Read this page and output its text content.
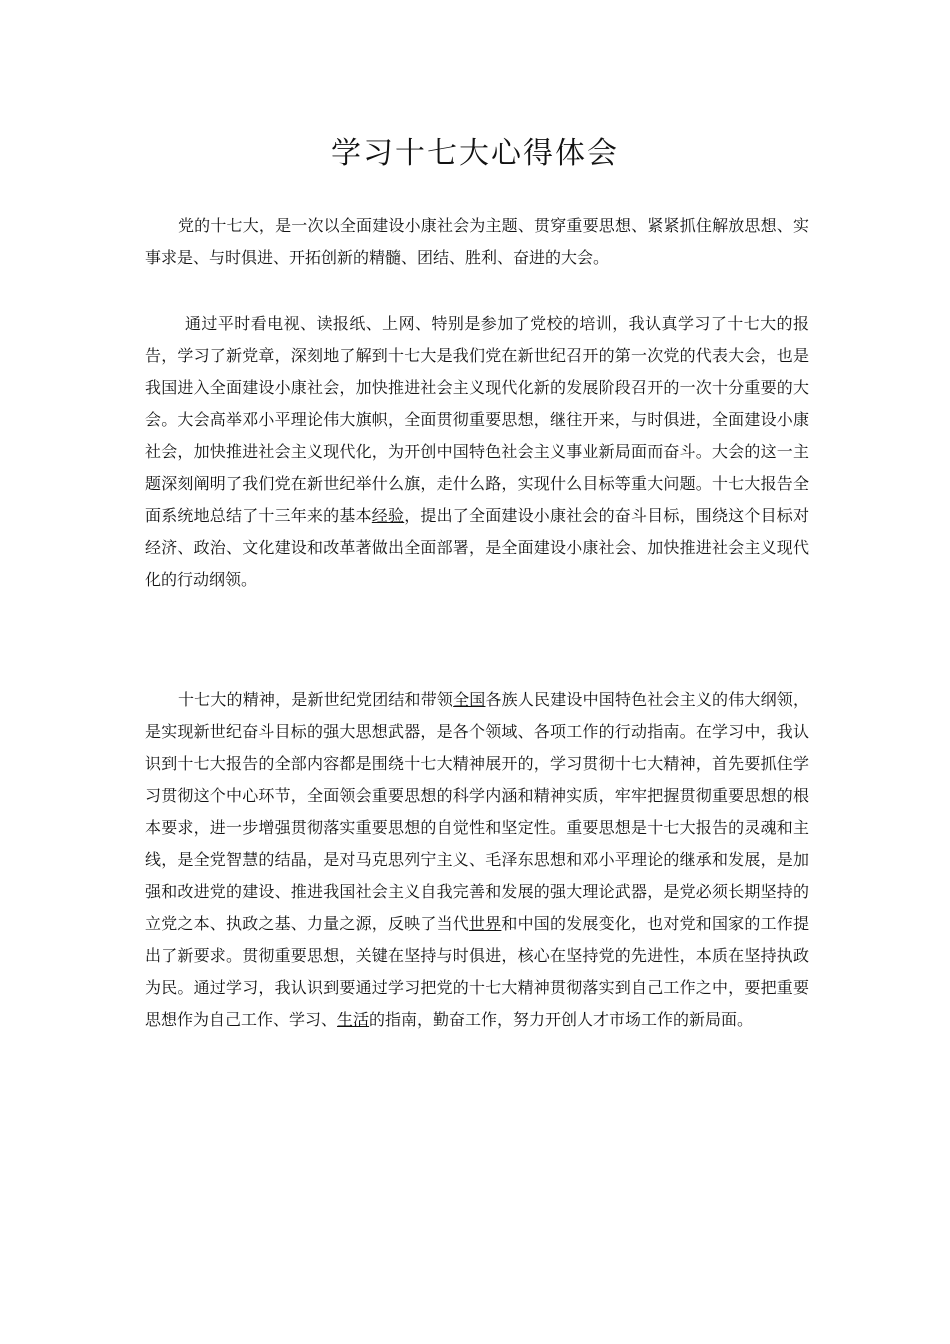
学习十七大心得体会

党的十七大，是一次以全面建设小康社会为主题、贯穿重要思想、紧紧抓住解放思想、实事求是、与时俱进、开拓创新的精髓、团结、胜利、奋进的大会。

通过平时看电视、读报纸、上网、特别是参加了党校的培训，我认真学习了十七大的报告，学习了新党章，深刻地了解到十七大是我们党在新世纪召开的第一次党的代表大会，也是我国进入全面建设小康社会，加快推进社会主义现代化新的发展阶段召开的一次十分重要的大会。大会高举邓小平理论伟大旗帜，全面贯彻重要思想，继往开来，与时俱进，全面建设小康社会，加快推进社会主义现代化，为开创中国特色社会主义事业新局面而奋斗。大会的这一主题深刻阐明了我们党在新世纪举什么旗，走什么路，实现什么目标等重大问题。十七大报告全面系统地总结了十三年来的基本经验，提出了全面建设小康社会的奋斗目标，围绕这个目标对经济、政治、文化建设和改革著做出全面部署，是全面建设小康社会、加快推进社会主义现代化的行动纲领。

十七大的精神，是新世纪党团结和带领全国各族人民建设中国特色社会主义的伟大纲领，是实现新世纪奋斗目标的强大思想武器，是各个领域、各项工作的行动指南。在学习中，我认识到十七大报告的全部内容都是围绕十七大精神展开的，学习贯彻十七大精神，首先要抓住学习贯彻这个中心环节，全面领会重要思想的科学内涵和精神实质，牢牢把握贯彻重要思想的根本要求，进一步增强贯彻落实重要思想的自觉性和坚定性。重要思想是十七大报告的灵魂和主线，是全党智慧的结晶，是对马克思列宁主义、毛泽东思想和邓小平理论的继承和发展，是加强和改进党的建设、推进我国社会主义自我完善和发展的强大理论武器，是党必须长期坚持的立党之本、执政之基、力量之源，反映了当代世界和中国的发展变化，也对党和国家的工作提出了新要求。贯彻重要思想，关键在坚持与时俱进，核心在坚持党的先进性，本质在坚持执政为民。通过学习，我认识到要通过学习把党的十七大精神贯彻落实到自己工作之中，要把重要思想作为自己工作、学习、生活的指南，勤奋工作，努力开创人才市场工作的新局面。
